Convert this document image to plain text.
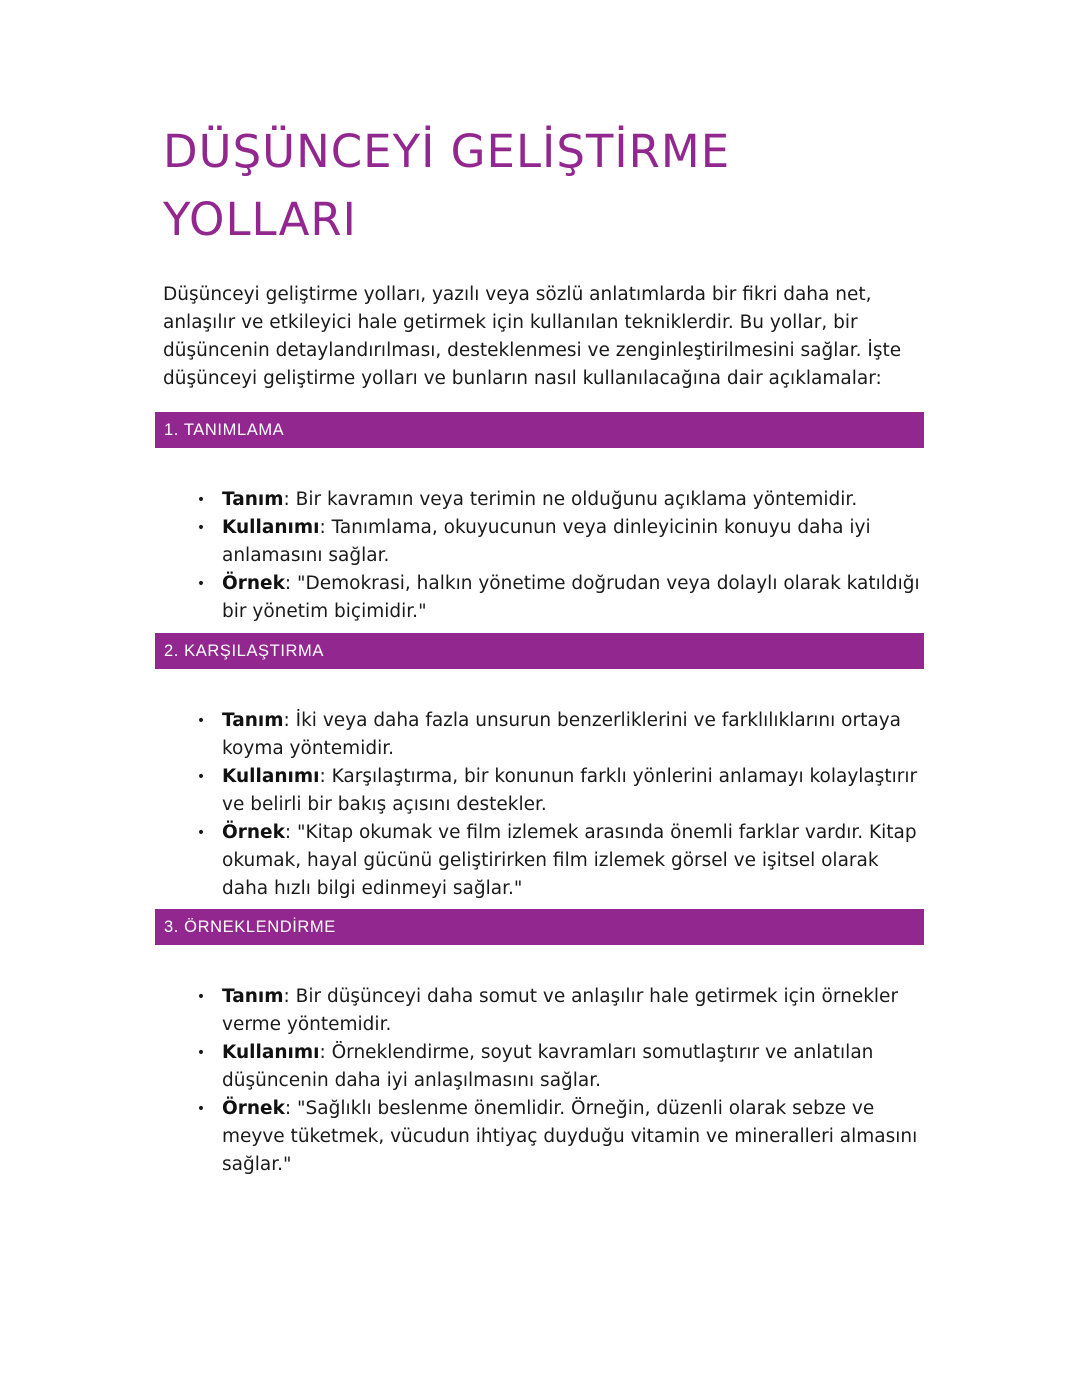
DÜŞÜNCEYİ GELİŞTİRME YOLLARI

Düşünceyi geliştirme yolları, yazılı veya sözlü anlatımlarda bir fikri daha net, anlaşılır ve etkileyici hale getirmek için kullanılan tekniklerdir. Bu yollar, bir düşüncenin detaylandırılması, desteklenmesi ve zenginleştirilmesini sağlar. İşte düşünceyi geliştirme yolları ve bunların nasıl kullanılacağına dair açıklamalar:

1. TANIMLAMA
• Tanım: Bir kavramın veya terimin ne olduğunu açıklama yöntemidir.
• Kullanımı: Tanımlama, okuyucunun veya dinleyicinin konuyu daha iyi anlamasını sağlar.
• Örnek: "Demokrasi, halkın yönetime doğrudan veya dolaylı olarak katıldığı bir yönetim biçimidir."
2. KARŞILAŞTIRMA
• Tanım: İki veya daha fazla unsurun benzerliklerini ve farklılıklarını ortaya koyma yöntemidir.
• Kullanımı: Karşılaştırma, bir konunun farklı yönlerini anlamayı kolaylaştırır ve belirli bir bakış açısını destekler.
• Örnek: "Kitap okumak ve film izlemek arasında önemli farklar vardır. Kitap okumak, hayal gücünü geliştirirken film izlemek görsel ve işitsel olarak daha hızlı bilgi edinmeyi sağlar."
3. ÖRNEKLENDİRME
• Tanım: Bir düşünceyi daha somut ve anlaşılır hale getirmek için örnekler verme yöntemidir.
• Kullanımı: Örneklendirme, soyut kavramları somutlaştırır ve anlatılan düşüncenin daha iyi anlaşılmasını sağlar.
• Örnek: "Sağlıklı beslenme önemlidir. Örneğin, düzenli olarak sebze ve meyve tüketmek, vücudun ihtiyaç duyduğu vitamin ve mineralleri almasını sağlar."
